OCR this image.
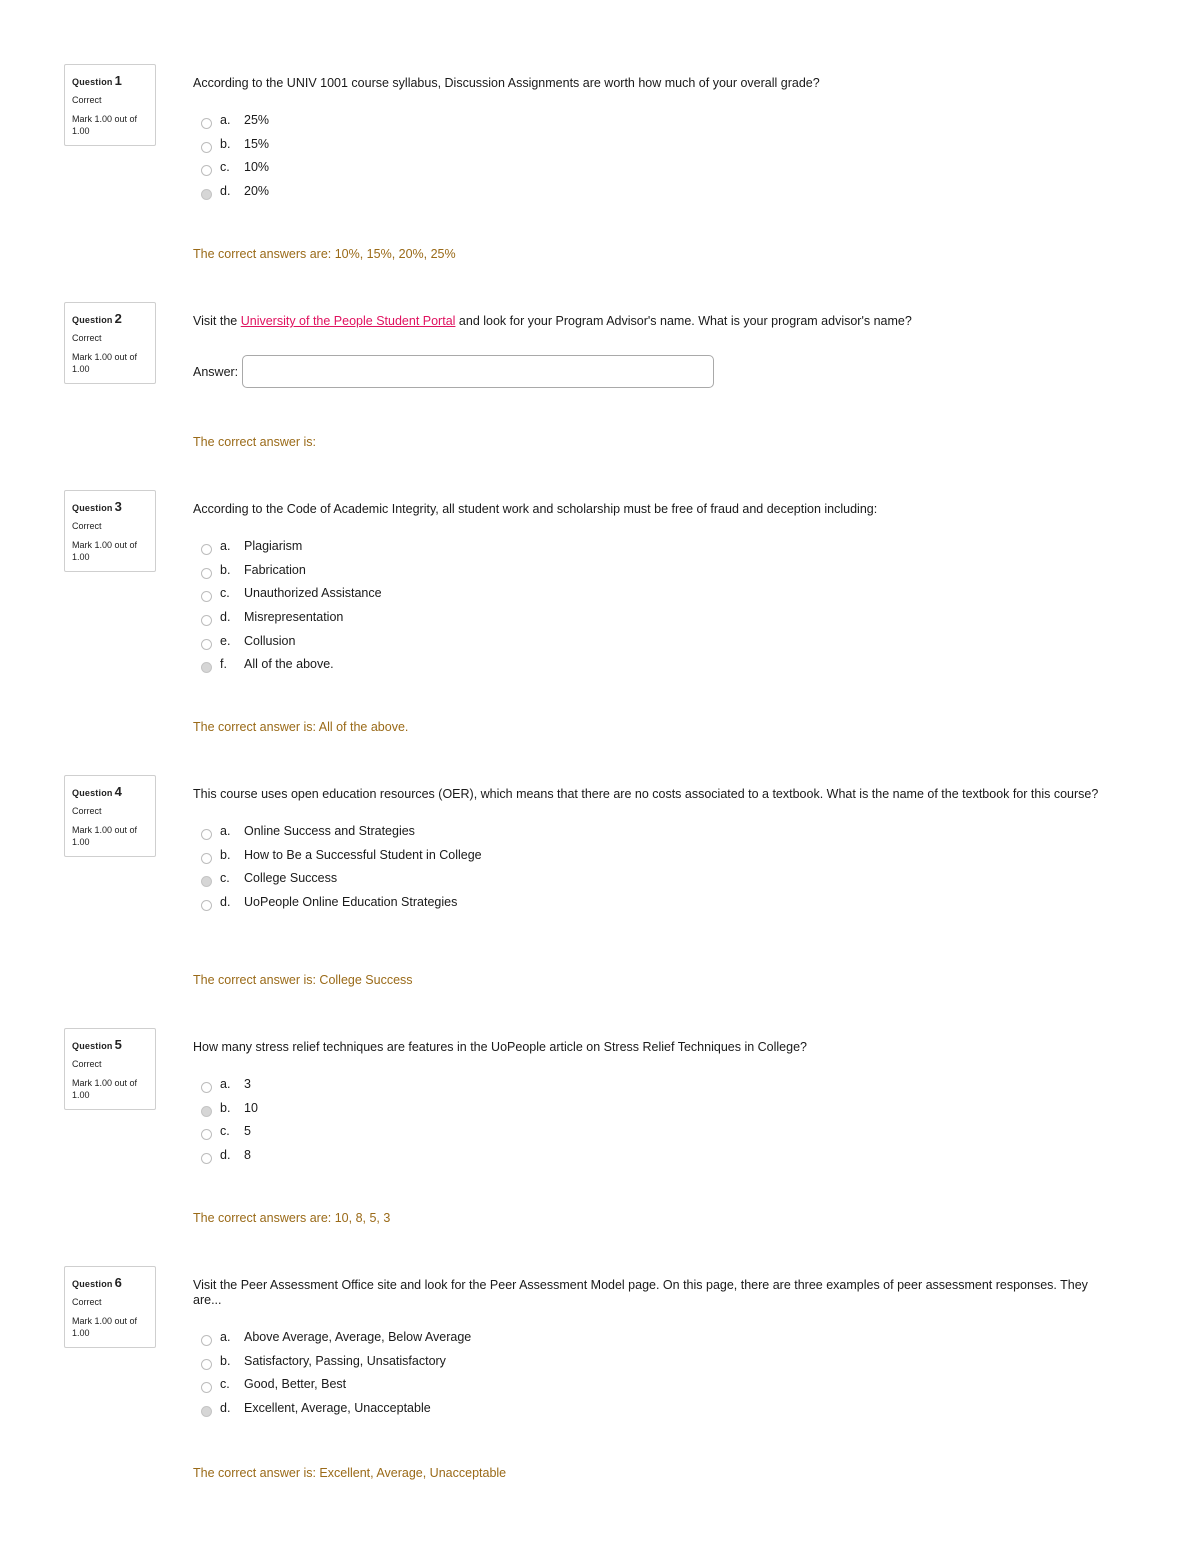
Question 1
Correct
Mark 1.00 out of 1.00
According to the UNIV 1001 course syllabus, Discussion Assignments are worth how much of your overall grade?
a.	25%
b.	15%
c.	10%
d.	20%
The correct answers are: 10%, 15%, 20%, 25%
Question 2
Correct
Mark 1.00 out of 1.00
Visit the University of the People Student Portal and look for your Program Advisor's name. What is your program advisor's name?
Answer:
The correct answer is:
Question 3
Correct
Mark 1.00 out of 1.00
According to the Code of Academic Integrity, all student work and scholarship must be free of fraud and deception including:
a.	Plagiarism
b.	Fabrication
c.	Unauthorized Assistance
d.	Misrepresentation
e.	Collusion
f.	All of the above.
The correct answer is: All of the above.
Question 4
Correct
Mark 1.00 out of 1.00
This course uses open education resources (OER), which means that there are no costs associated to a textbook. What is the name of the textbook for this course?
a.	Online Success and Strategies
b.	How to Be a Successful Student in College
c.	College Success
d.	UoPeople Online Education Strategies
The correct answer is: College Success
Question 5
Correct
Mark 1.00 out of 1.00
How many stress relief techniques are features in the UoPeople article on Stress Relief Techniques in College?
a.	3
b.	10
c.	5
d.	8
The correct answers are: 10, 8, 5, 3
Question 6
Correct
Mark 1.00 out of 1.00
Visit the Peer Assessment Office site and look for the Peer Assessment Model page. On this page, there are three examples of peer assessment responses. They are...
a.	Above Average, Average, Below Average
b.	Satisfactory, Passing, Unsatisfactory
c.	Good, Better, Best
d.	Excellent, Average, Unacceptable
The correct answer is: Excellent, Average, Unacceptable
